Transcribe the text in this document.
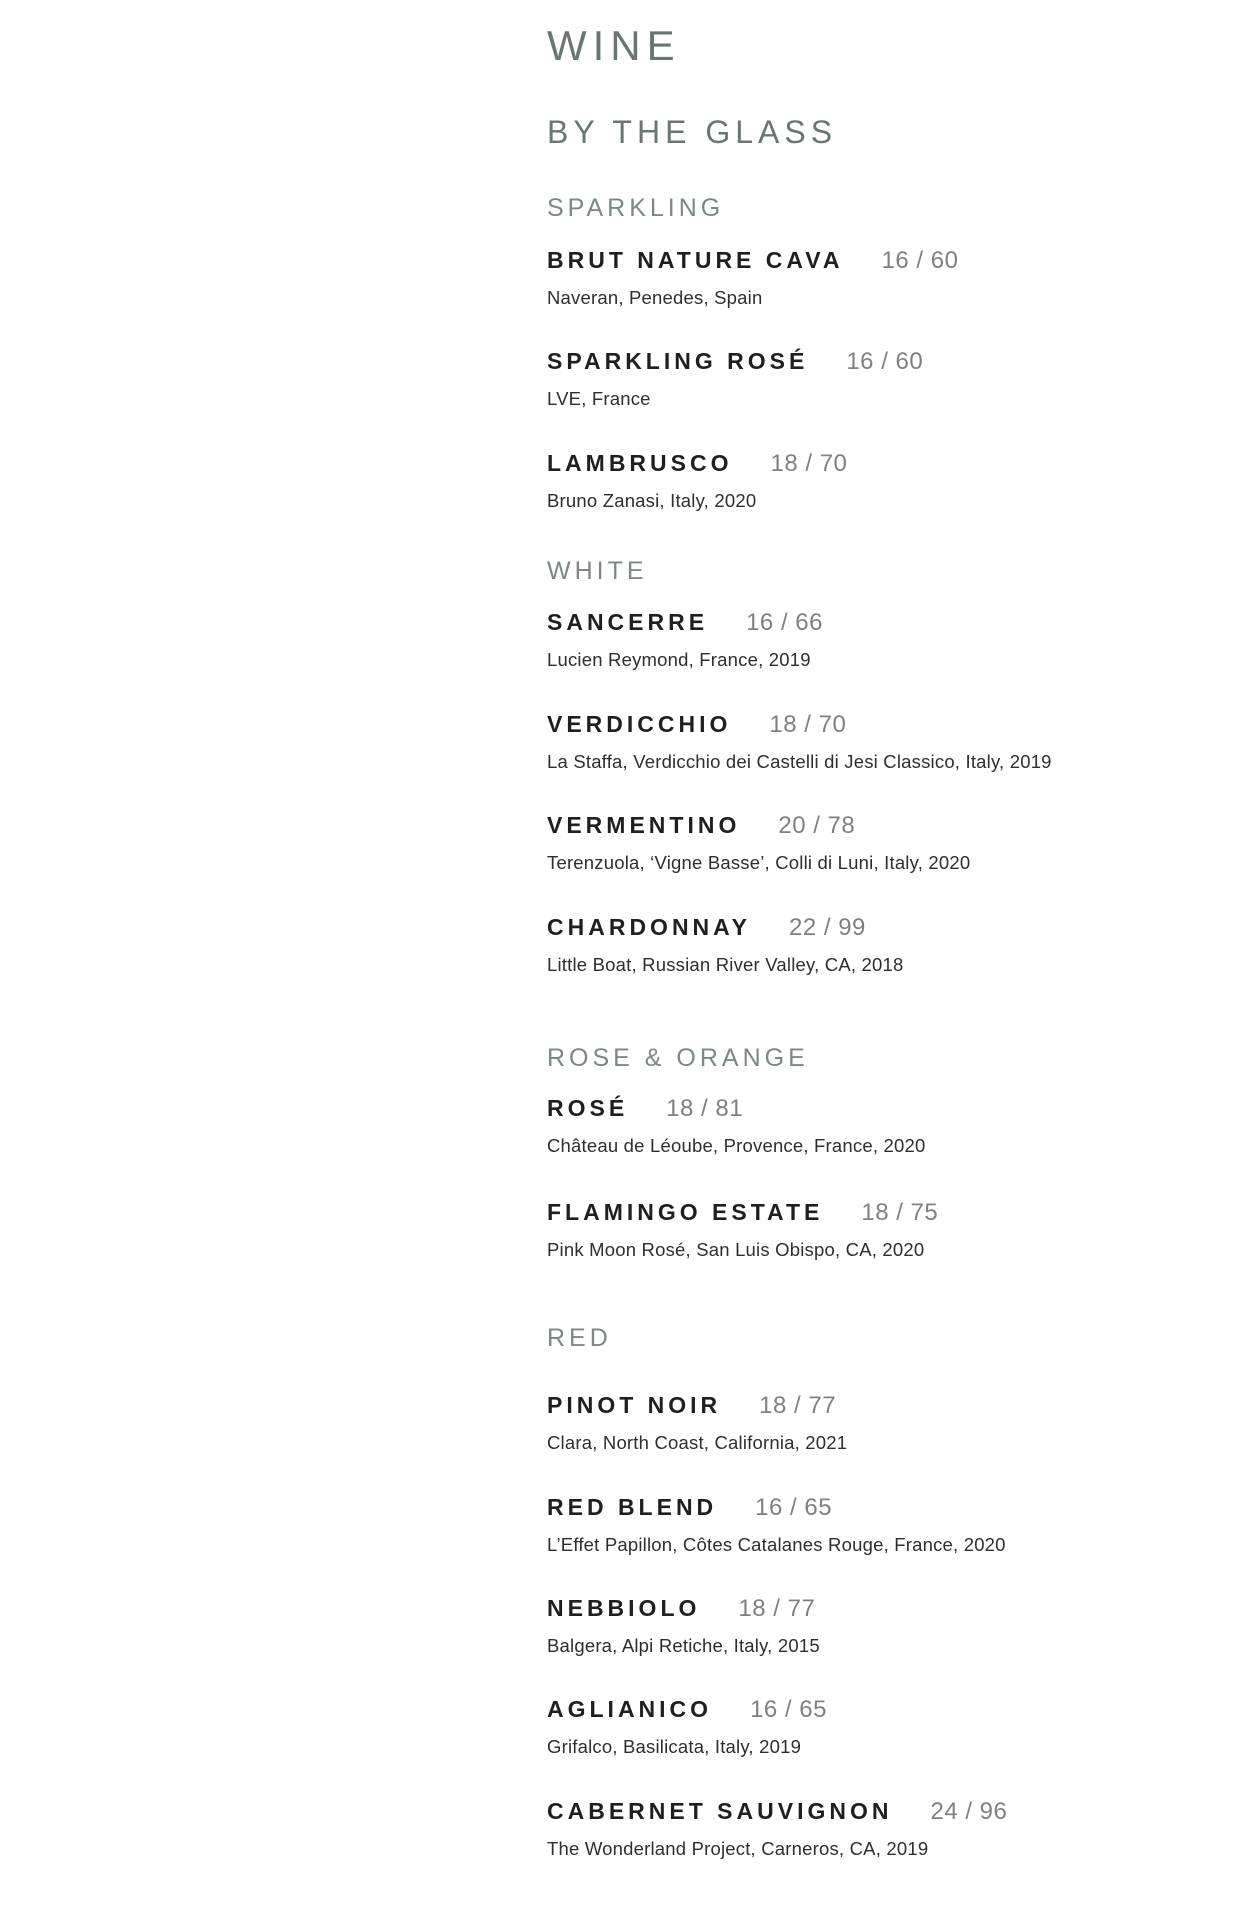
WINE
BY THE GLASS
SPARKLING
BRUT NATURE CAVA 16 / 60
Naveran, Penedes, Spain
SPARKLING ROSÉ 16 / 60
LVE, France
LAMBRUSCO 18 / 70
Bruno Zanasi, Italy, 2020
WHITE
SANCERRE 16 / 66
Lucien Reymond, France, 2019
VERDICCHIO 18 / 70
La Staffa, Verdicchio dei Castelli di Jesi Classico, Italy, 2019
VERMENTINO 20 / 78
Terenzuola, ‘Vigne Basse’, Colli di Luni, Italy, 2020
CHARDONNAY 22 / 99
Little Boat, Russian River Valley, CA, 2018
ROSE & ORANGE
ROSÉ 18 / 81
Château de Léoube, Provence, France, 2020
FLAMINGO ESTATE 18 / 75
Pink Moon Rosé, San Luis Obispo, CA, 2020
RED
PINOT NOIR 18 / 77
Clara, North Coast, California, 2021
RED BLEND 16 / 65
L’Effet Papillon, Côtes Catalanes Rouge, France, 2020
NEBBIOLO 18 / 77
Balgera, Alpi Retiche, Italy, 2015
AGLIANICO 16 / 65
Grifalco, Basilicata, Italy, 2019
CABERNET SAUVIGNON 24 / 96
The Wonderland Project, Carneros, CA, 2019
